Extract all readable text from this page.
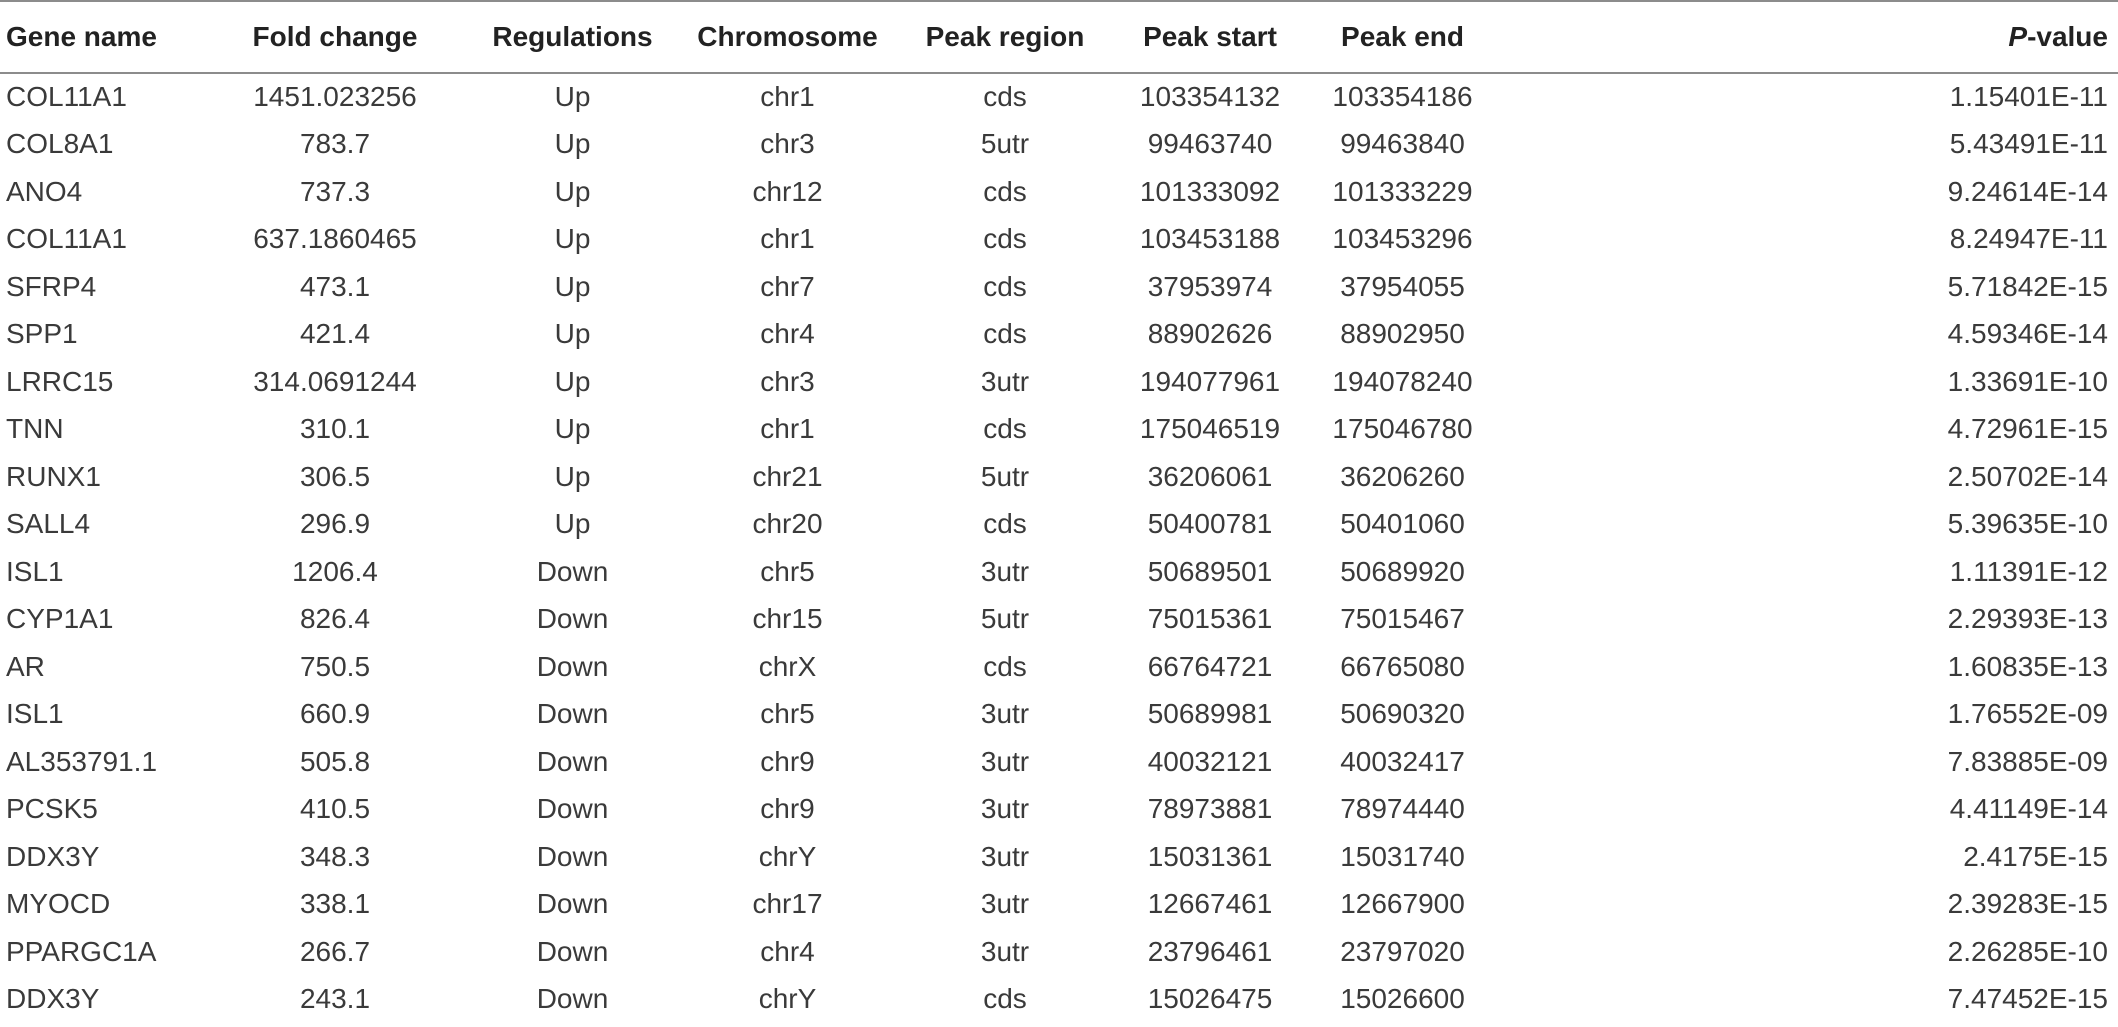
Gene name	Fold change	Regulations	Chromosome	Peak region	Peak start	Peak end	P-value
COL11A1	1451.023256	Up	chr1	cds	103354132	103354186	1.15401E-11
COL8A1	783.7	Up	chr3	5utr	99463740	99463840	5.43491E-11
ANO4	737.3	Up	chr12	cds	101333092	101333229	9.24614E-14
COL11A1	637.1860465	Up	chr1	cds	103453188	103453296	8.24947E-11
SFRP4	473.1	Up	chr7	cds	37953974	37954055	5.71842E-15
SPP1	421.4	Up	chr4	cds	88902626	88902950	4.59346E-14
LRRC15	314.0691244	Up	chr3	3utr	194077961	194078240	1.33691E-10
TNN	310.1	Up	chr1	cds	175046519	175046780	4.72961E-15
RUNX1	306.5	Up	chr21	5utr	36206061	36206260	2.50702E-14
SALL4	296.9	Up	chr20	cds	50400781	50401060	5.39635E-10
ISL1	1206.4	Down	chr5	3utr	50689501	50689920	1.11391E-12
CYP1A1	826.4	Down	chr15	5utr	75015361	75015467	2.29393E-13
AR	750.5	Down	chrX	cds	66764721	66765080	1.60835E-13
ISL1	660.9	Down	chr5	3utr	50689981	50690320	1.76552E-09
AL353791.1	505.8	Down	chr9	3utr	40032121	40032417	7.83885E-09
PCSK5	410.5	Down	chr9	3utr	78973881	78974440	4.41149E-14
DDX3Y	348.3	Down	chrY	3utr	15031361	15031740	2.4175E-15
MYOCD	338.1	Down	chr17	3utr	12667461	12667900	2.39283E-15
PPARGC1A	266.7	Down	chr4	3utr	23796461	23797020	2.26285E-10
DDX3Y	243.1	Down	chrY	cds	15026475	15026600	7.47452E-15
